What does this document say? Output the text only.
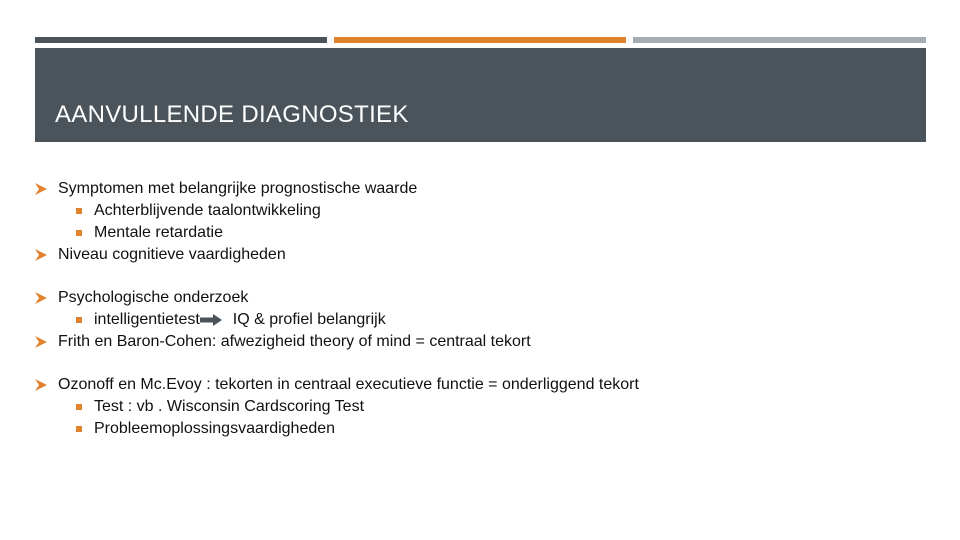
AANVULLENDE DIAGNOSTIEK
Symptomen met belangrijke prognostische waarde
Achterblijvende taalontwikkeling
Mentale retardatie
Niveau cognitieve vaardigheden
Psychologische onderzoek
intelligentietest IQ & profiel belangrijk
Frith en Baron-Cohen: afwezigheid theory of mind = centraal tekort
Ozonoff en Mc.Evoy : tekorten in centraal executieve functie = onderliggend tekort
Test : vb . Wisconsin Cardscoring Test
Probleemoplossingsvaardigheden
